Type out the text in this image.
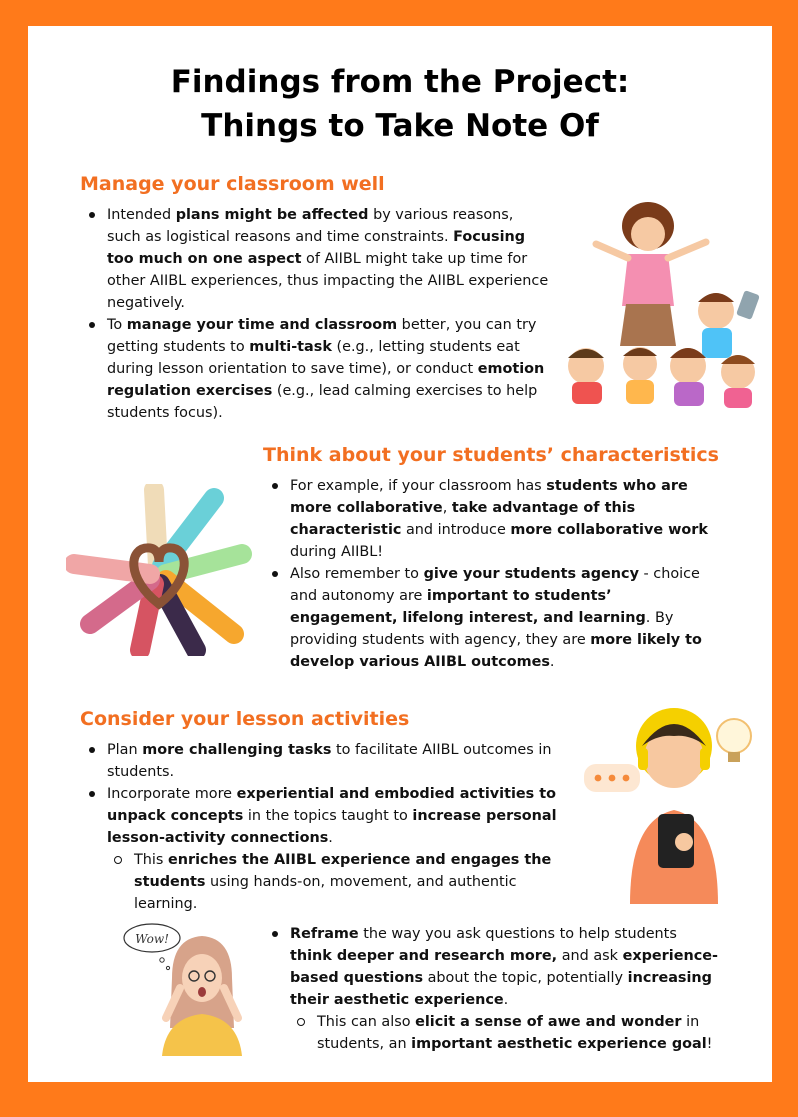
Findings from the Project:
Things to Take Note Of
Manage your classroom well
Intended plans might be affected by various reasons, such as logistical reasons and time constraints. Focusing too much on one aspect of AIIBL might take up time for other AIIBL experiences, thus impacting the AIIBL experience negatively.
To manage your time and classroom better, you can try getting students to multi-task (e.g., letting students eat during lesson orientation to save time), or conduct emotion regulation exercises (e.g., lead calming exercises to help students focus).
Think about your students’ characteristics
For example, if your classroom has students who are more collaborative, take advantage of this characteristic and introduce more collaborative work during AIIBL!
Also remember to give your students agency - choice and autonomy are important to students’ engagement, lifelong interest, and learning. By providing students with agency, they are more likely to develop various AIIBL outcomes.
Consider your lesson activities
Plan more challenging tasks to facilitate AIIBL outcomes in students.
Incorporate more experiential and embodied activities to unpack concepts in the topics taught to increase personal lesson-activity connections.
This enriches the AIIBL experience and engages the students using hands-on, movement, and authentic learning.
Wow!	Reframe the way you ask questions to help students think deeper and research more, and ask experience-based questions about the topic, potentially increasing their aesthetic experience.
This can also elicit a sense of awe and wonder in students, an important aesthetic experience goal!
